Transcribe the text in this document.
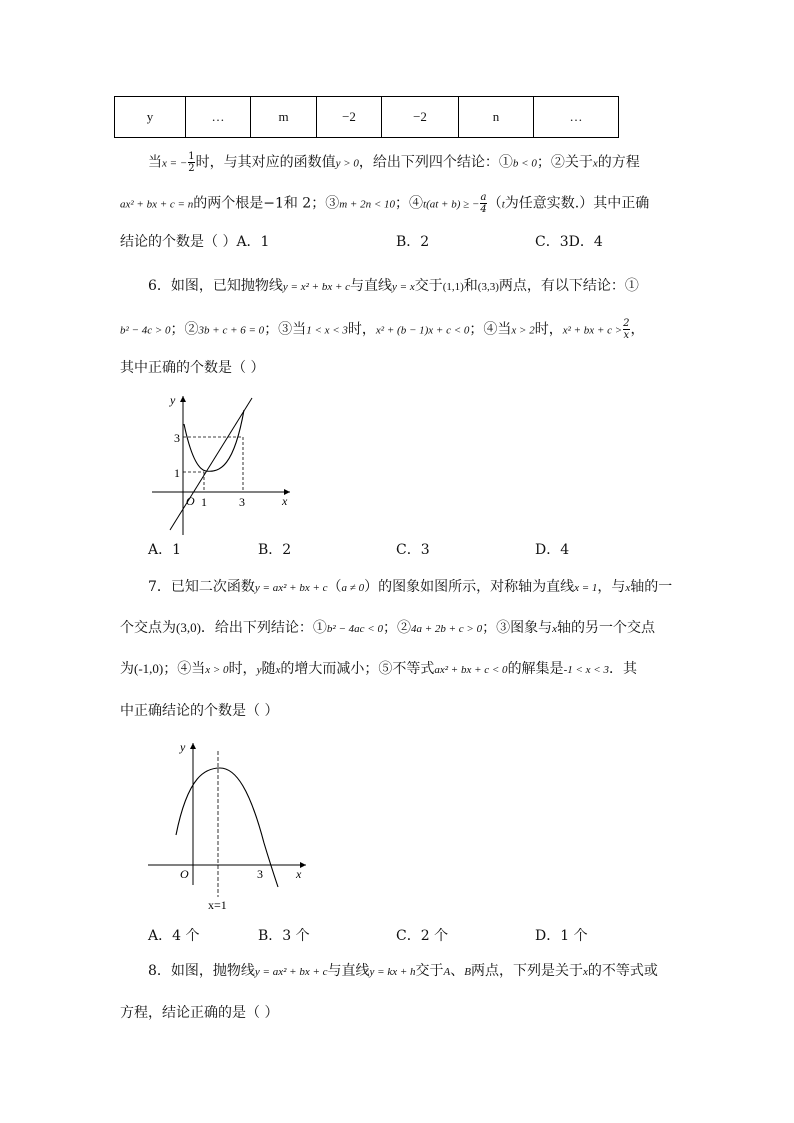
y	…	m	−2	−2	n	…
当x = − $\frac{1}{2}$ 时，与其对应的函数值y > 0，给出下列四个结论：①b < 0；②关于x的方程
ax² + bx + c = n的两个根是−1和 2；③m + 2n < 10；④t(at + b) ≥ − $\frac{a}{4} (t$为任意实数.）其中正确
结论的个数是（ ）A．1	B．2	C．3D．4
6．如图，已知抛物线y = x² + bx + c与直线y = x交于(1,1)和(3,3)两点，有以下结论：①
b² − 4c > 0；②3b + c + 6 = 0；③当1 < x < 3时，x² + (b − 1)x + c < 0；④当x > 2时，x² + bx + $c > \frac{2}{x}$ ，
其中正确的个数是（ ）
y
x
O 1	3
1
3
A．1	B．2	C．3	D．4
7．已知二次函数y = ax² + bx + c（a ≠ 0）的图象如图所示，对称轴为直线x = 1，与x轴的一
个交点为(3,0)．给出下列结论：①b² − 4ac < 0；②4a + 2b + c > 0；③图象与x轴的另一个交点
为(-1,0)；④当x > 0时，y随x的增大而减小；⑤不等式ax² + bx + c < 0的解集是-1 < x < 3．其
中正确结论的个数是（ ）
y
x
O	3
x=1
A．4 个	B．3 个	C．2 个	D．1 个
8．如图，抛物线y = ax² + bx + c与直线y = kx + h交于A、B两点，下列是关于x的不等式或
方程，结论正确的是（ ）
